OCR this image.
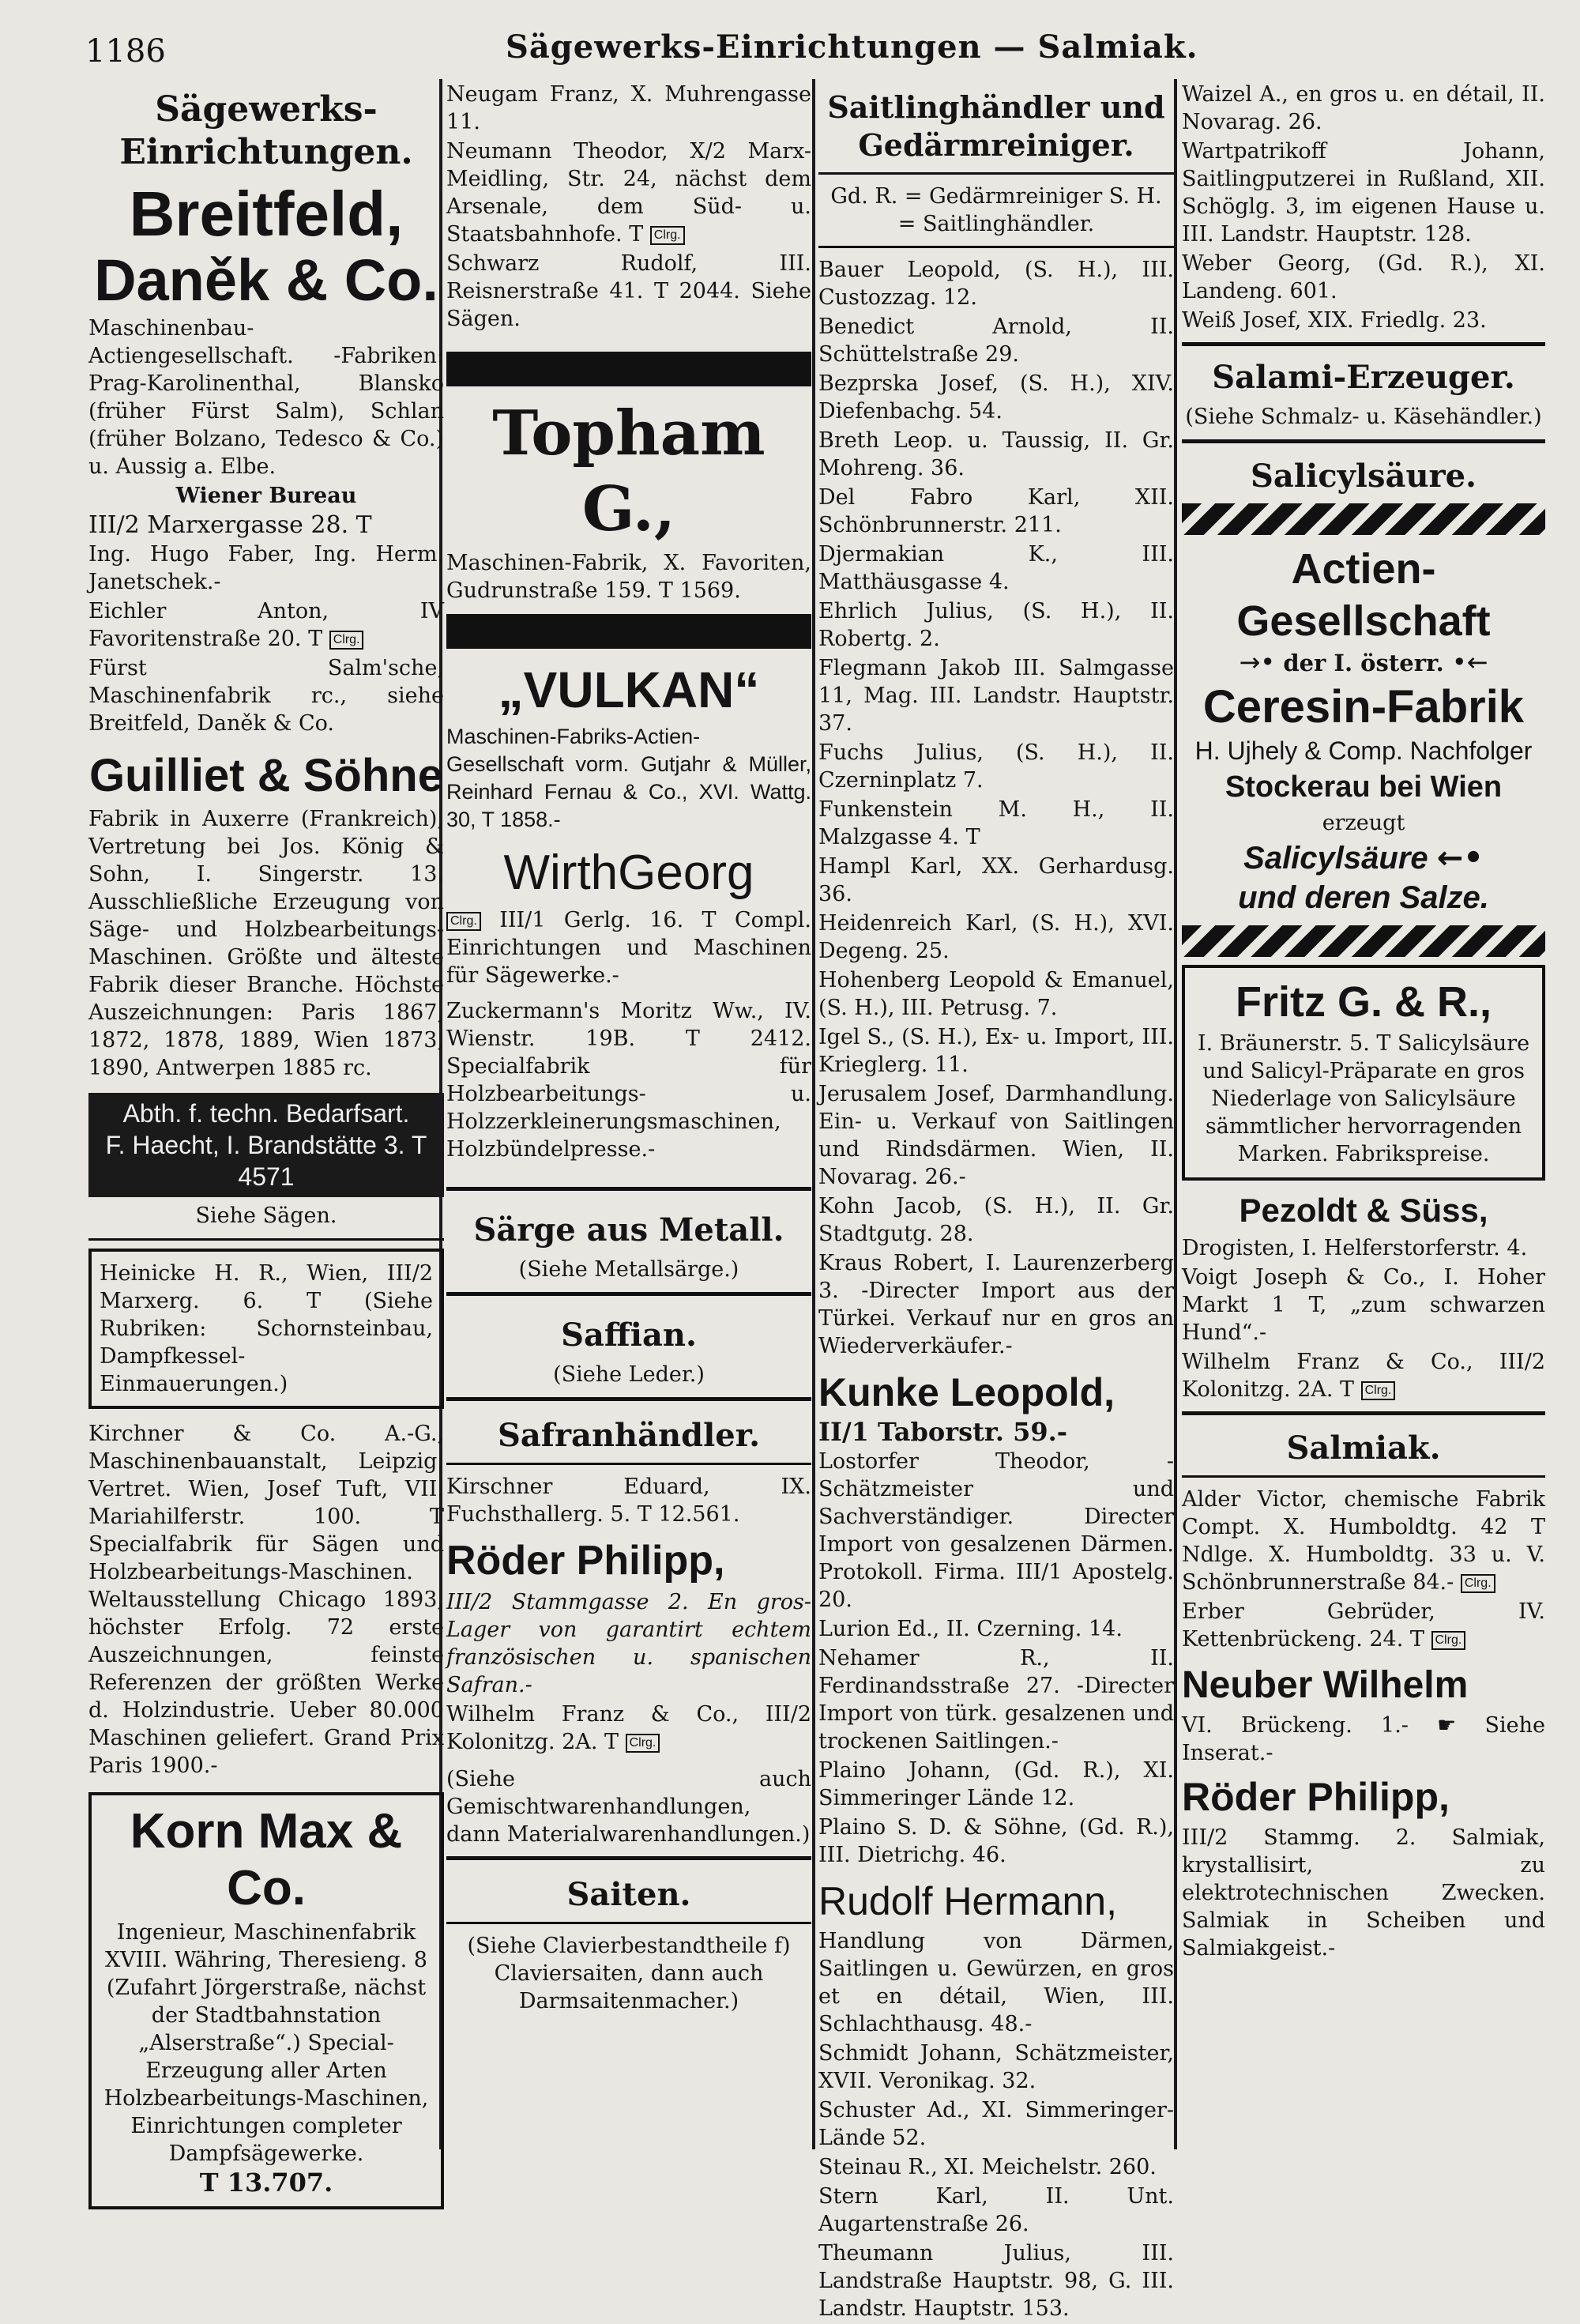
1186	Sägewerks-Einrichtungen — Salmiak.
Sägewerks-Einrichtungen.
Breitfeld,
Daněk & Co.
Maschinenbau-Actiengesellschaft. -Fabriken: Prag-Karolinenthal, Blansko (früher Fürst Salm), Schlan (früher Bolzano, Tedesco & Co.) u. Aussig a. Elbe.
Wiener Bureau
III/2 Marxergasse 28. T
Ing. Hugo Faber, Ing. Herm. Janetschek.-
Eichler Anton, IV Favoritenstraße 20. T Clrg.
Fürst Salm'sche, Maschinenfabrik rc., siehe Breitfeld, Daněk & Co.
Guilliet & Söhne
Fabrik in Auxerre (Frankreich), Vertretung bei Jos. König & Sohn, I. Singerstr. 13. Ausschließliche Erzeugung von Säge- und Holzbearbeitungs-Maschinen. Größte und älteste Fabrik dieser Branche. Höchste Auszeichnungen: Paris 1867, 1872, 1878, 1889, Wien 1873, 1890, Antwerpen 1885 rc.
Abth. f. techn. Bedarfsart.
F. Haecht, I. Brandstätte 3. T 4571
Siehe Sägen.
Heinicke H. R., Wien, III/2 Marxerg. 6. T (Siehe Rubriken: Schornsteinbau, Dampfkessel-Einmauerungen.)
Kirchner & Co. A.-G., Maschinenbauanstalt, Leipzig. Vertret. Wien, Josef Tuft, VII. Mariahilferstr. 100. T Specialfabrik für Sägen und Holzbearbeitungs-Maschinen. Weltausstellung Chicago 1893, höchster Erfolg. 72 erste Auszeichnungen, feinste Referenzen der größten Werke d. Holzindustrie. Ueber 80.000 Maschinen geliefert. Grand Prix Paris 1900.-
Korn Max & Co.
Ingenieur, Maschinenfabrik XVIII. Währing, Theresieng. 8 (Zufahrt Jörgerstraße, nächst der Stadtbahnstation „Alserstraße“.) Special-Erzeugung aller Arten Holzbearbeitungs-Maschinen, Einrichtungen completer Dampfsägewerke.
T 13.707.
Neugam Franz, X. Muhrengasse 11.
Neumann Theodor, X/2 Marx-Meidling, Str. 24, nächst dem Arsenale, dem Süd- u. Staatsbahnhofe. T Clrg.
Schwarz Rudolf, III. Reisnerstraße 41. T 2044. Siehe Sägen.
Topham G.,
Maschinen-Fabrik, X. Favoriten, Gudrunstraße 159. T 1569.
„VULKAN“
Maschinen-Fabriks-Actien-Gesellschaft vorm. Gutjahr & Müller, Reinhard Fernau & Co., XVI. Wattg. 30, T 1858.-
WirthGeorg
Clrg. III/1 Gerlg. 16. T Compl. Einrichtungen und Maschinen für Sägewerke.-
Zuckermann's Moritz Ww., IV. Wienstr. 19B. T 2412. Specialfabrik für Holzbearbeitungs- u. Holzzerkleinerungsmaschinen, Holzbündelpresse.-
Särge aus Metall.
(Siehe Metallsärge.)
Saffian.
(Siehe Leder.)
Safranhändler.
Kirschner Eduard, IX. Fuchsthallerg. 5. T 12.561.
Röder Philipp,
III/2 Stammgasse 2. En gros-Lager von garantirt echtem französischen u. spanischen Safran.-
Wilhelm Franz & Co., III/2 Kolonitzg. 2A. T Clrg.
(Siehe auch Gemischtwarenhandlungen, dann Materialwarenhandlungen.)
Saiten.
(Siehe Clavierbestandtheile f) Claviersaiten, dann auch Darmsaitenmacher.)
Saitlinghändler und Gedärmreiniger.
Gd. R. = Gedärmreiniger S. H. = Saitlinghändler.
Bauer Leopold, (S. H.), III. Custozzag. 12.
Benedict Arnold, II. Schüttelstraße 29.
Bezprska Josef, (S. H.), XIV. Diefenbachg. 54.
Breth Leop. u. Taussig, II. Gr. Mohreng. 36.
Del Fabro Karl, XII. Schönbrunnerstr. 211.
Djermakian K., III. Matthäusgasse 4.
Ehrlich Julius, (S. H.), II. Robertg. 2.
Flegmann Jakob III. Salmgasse 11, Mag. III. Landstr. Hauptstr. 37.
Fuchs Julius, (S. H.), II. Czerninplatz 7.
Funkenstein M. H., II. Malzgasse 4. T
Hampl Karl, XX. Gerhardusg. 36.
Heidenreich Karl, (S. H.), XVI. Degeng. 25.
Hohenberg Leopold & Emanuel, (S. H.), III. Petrusg. 7.
Igel S., (S. H.), Ex- u. Import, III. Krieglerg. 11.
Jerusalem Josef, Darmhandlung. Ein- u. Verkauf von Saitlingen und Rindsdärmen. Wien, II. Novarag. 26.-
Kohn Jacob, (S. H.), II. Gr. Stadtgutg. 28.
Kraus Robert, I. Laurenzerberg 3. -Directer Import aus der Türkei. Verkauf nur en gros an Wiederverkäufer.-
Kunke Leopold,
II/1 Taborstr. 59.-
Lostorfer Theodor, -Schätzmeister und Sachverständiger. Directer Import von gesalzenen Därmen. Protokoll. Firma. III/1 Apostelg. 20.
Lurion Ed., II. Czerning. 14.
Nehamer R., II. Ferdinandsstraße 27. -Directer Import von türk. gesalzenen und trockenen Saitlingen.-
Plaino Johann, (Gd. R.), XI. Simmeringer Lände 12.
Plaino S. D. & Söhne, (Gd. R.), III. Dietrichg. 46.
Rudolf Hermann,
Handlung von Därmen, Saitlingen u. Gewürzen, en gros et en détail, Wien, III. Schlachthausg. 48.-
Schmidt Johann, Schätzmeister, XVII. Veronikag. 32.
Schuster Ad., XI. Simmeringer-Lände 52.
Steinau R., XI. Meichelstr. 260.
Stern Karl, II. Unt. Augartenstraße 26.
Theumann Julius, III. Landstraße Hauptstr. 98, G. III. Landstr. Hauptstr. 153.
Waizel A., en gros u. en détail, II. Novarag. 26.
Wartpatrikoff Johann, Saitlingputzerei in Rußland, XII. Schöglg. 3, im eigenen Hause u. III. Landstr. Hauptstr. 128.
Weber Georg, (Gd. R.), XI. Landeng. 601.
Weiß Josef, XIX. Friedlg. 23.
Salami-Erzeuger.
(Siehe Schmalz- u. Käsehändler.)
Salicylsäure.
Actien-Gesellschaft
→• der I. österr. •←
Ceresin-Fabrik
H. Ujhely & Comp. Nachfolger
Stockerau bei Wien
erzeugt
Salicylsäure ←•
und deren Salze.
Fritz G. & R.,
I. Bräunerstr. 5. T Salicylsäure und Salicyl-Präparate en gros Niederlage von Salicylsäure sämmtlicher hervorragenden Marken. Fabrikspreise.
Pezoldt & Süss,
Drogisten, I. Helferstorferstr. 4.
Voigt Joseph & Co., I. Hoher Markt 1 T, „zum schwarzen Hund“.-
Wilhelm Franz & Co., III/2 Kolonitzg. 2A. T Clrg.
Salmiak.
Alder Victor, chemische Fabrik Compt. X. Humboldtg. 42 T Ndlge. X. Humboldtg. 33 u. V. Schönbrunnerstraße 84.- Clrg.
Erber Gebrüder, IV. Kettenbrückeng. 24. T Clrg.
Neuber Wilhelm
VI. Brückeng. 1.- ☛ Siehe Inserat.-
Röder Philipp,
III/2 Stammg. 2. Salmiak, krystallisirt, zu elektrotechnischen Zwecken. Salmiak in Scheiben und Salmiakgeist.-
